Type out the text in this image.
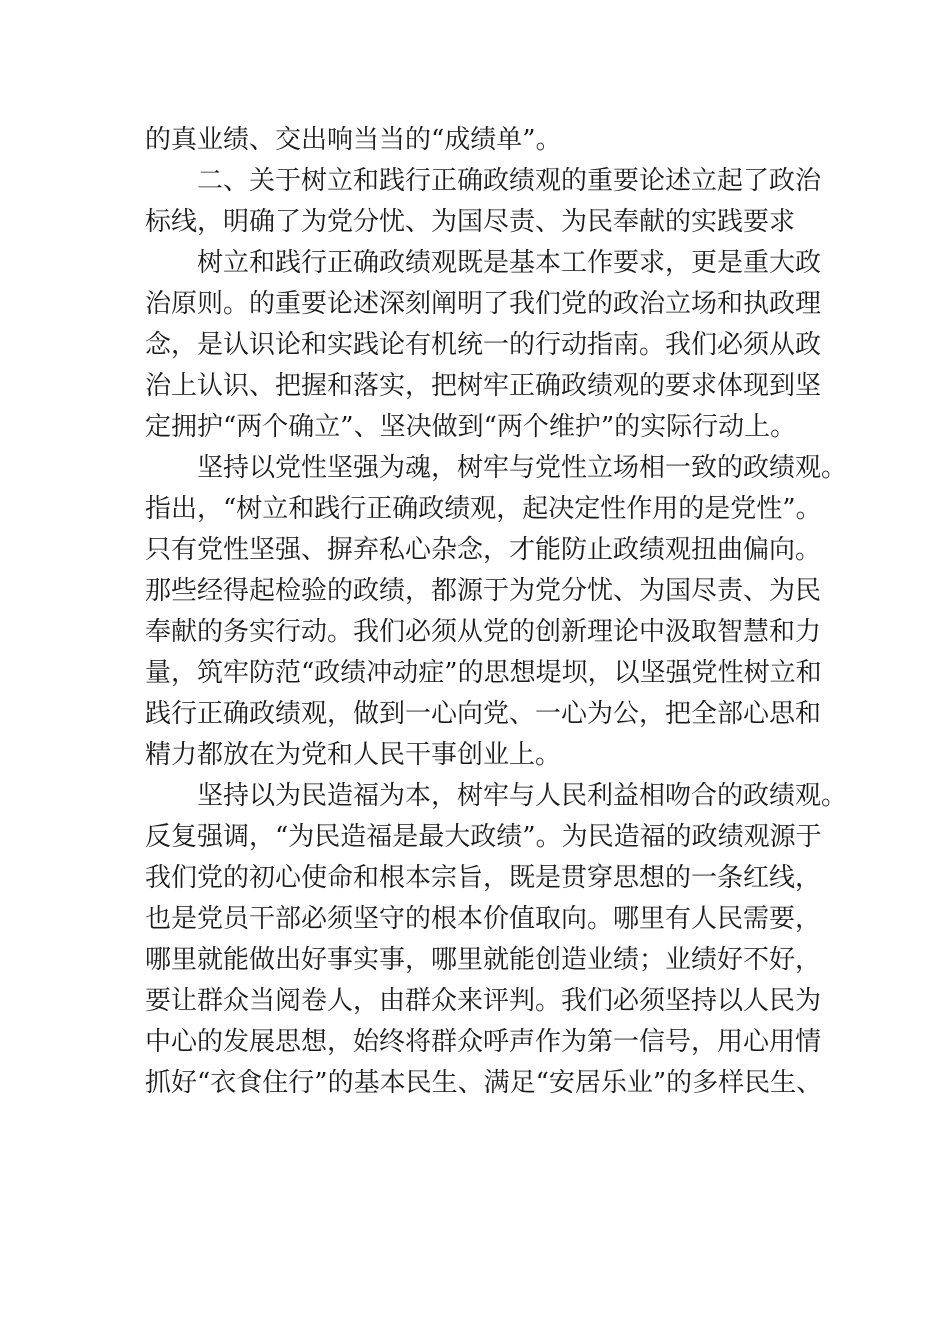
的真业绩、交出响当当的“成绩单”。
二、关于树立和践行正确政绩观的重要论述立起了政治
标线，明确了为党分忧、为国尽责、为民奉献的实践要求
树立和践行正确政绩观既是基本工作要求，更是重大政
治原则。的重要论述深刻阐明了我们党的政治立场和执政理
念，是认识论和实践论有机统一的行动指南。我们必须从政
治上认识、把握和落实，把树牢正确政绩观的要求体现到坚
定拥护“两个确立”、坚决做到“两个维护”的实际行动上。
坚持以党性坚强为魂，树牢与党性立场相一致的政绩观。
指出，“树立和践行正确政绩观，起决定性作用的是党性”。
只有党性坚强、摒弃私心杂念，才能防止政绩观扭曲偏向。
那些经得起检验的政绩，都源于为党分忧、为国尽责、为民
奉献的务实行动。我们必须从党的创新理论中汲取智慧和力
量，筑牢防范“政绩冲动症”的思想堤坝，以坚强党性树立和
践行正确政绩观，做到一心向党、一心为公，把全部心思和
精力都放在为党和人民干事创业上。
坚持以为民造福为本，树牢与人民利益相吻合的政绩观。
反复强调，“为民造福是最大政绩”。为民造福的政绩观源于
我们党的初心使命和根本宗旨，既是贯穿思想的一条红线，
也是党员干部必须坚守的根本价值取向。哪里有人民需要，
哪里就能做出好事实事，哪里就能创造业绩；业绩好不好，
要让群众当阅卷人，由群众来评判。我们必须坚持以人民为
中心的发展思想，始终将群众呼声作为第一信号，用心用情
抓好“衣食住行”的基本民生、满足“安居乐业”的多样民生、
